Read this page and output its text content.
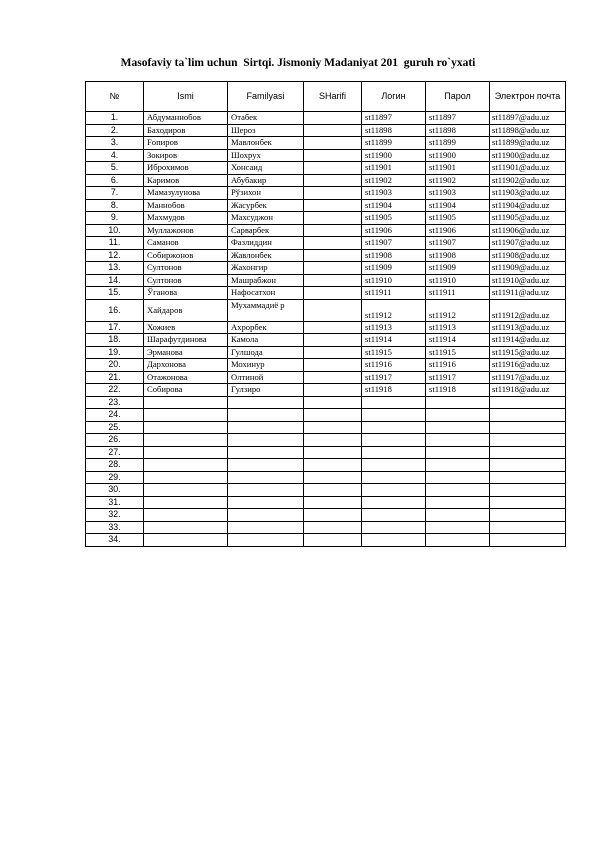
Masofaviy ta`lim uchun  Sirtqi. Jismoniy Madaniyat 201  guruh ro`yxati
№	Ismi	Familyasi	SHarifi	Логин	Парол	Электрон почта
1.	Абдуманнобов	Отабек		st11897	st11897	st11897@adu.uz
2.	Баходиров	Шероз		st11898	st11898	st11898@adu.uz
3.	Fопиров	Мавлонбек		st11899	st11899	st11899@adu.uz
4.	Зокиров	Шохрух		st11900	st11900	st11900@adu.uz
5.	Иброхимов	Хонсаид		st11901	st11901	st11901@adu.uz
6.	Каримов	Абубакир		st11902	st11902	st11902@adu.uz
7.	Мамазулунова	Рўзихон		st11903	st11903	st11903@adu.uz
8.	Маннобов	Жасурбек		st11904	st11904	st11904@adu.uz
9.	Махмудов	Махсуджон		st11905	st11905	st11905@adu.uz
10.	Муллажонов	Сарварбек		st11906	st11906	st11906@adu.uz
11.	Саманов	Фазлиддин		st11907	st11907	st11907@adu.uz
12.	Собиржонов	Жавлонбек		st11908	st11908	st11908@adu.uz
13.	Султонов	Жахонгир		st11909	st11909	st11909@adu.uz
14.	Султонов	Машрабжон		st11910	st11910	st11910@adu.uz
15.	Ўганова	Нафосатхон		st11911	st11911	st11911@adu.uz
16.	Хайдаров	Мухаммадиё р		st11912	st11912	st11912@adu.uz
17.	Хожиев	Ахрорбек		st11913	st11913	st11913@adu.uz
18.	Шарафутдинова	Камола		st11914	st11914	st11914@adu.uz
19.	Эрманова	Гулшода		st11915	st11915	st11915@adu.uz
20.	Дархонова	Мохинур		st11916	st11916	st11916@adu.uz
21.	Отажонова	Олтиной		st11917	st11917	st11917@adu.uz
22.	Собирова	Гулзиро		st11918	st11918	st11918@adu.uz
23.						
24.						
25.						
26.						
27.						
28.						
29.						
30.						
31.						
32.						
33.						
34.						
